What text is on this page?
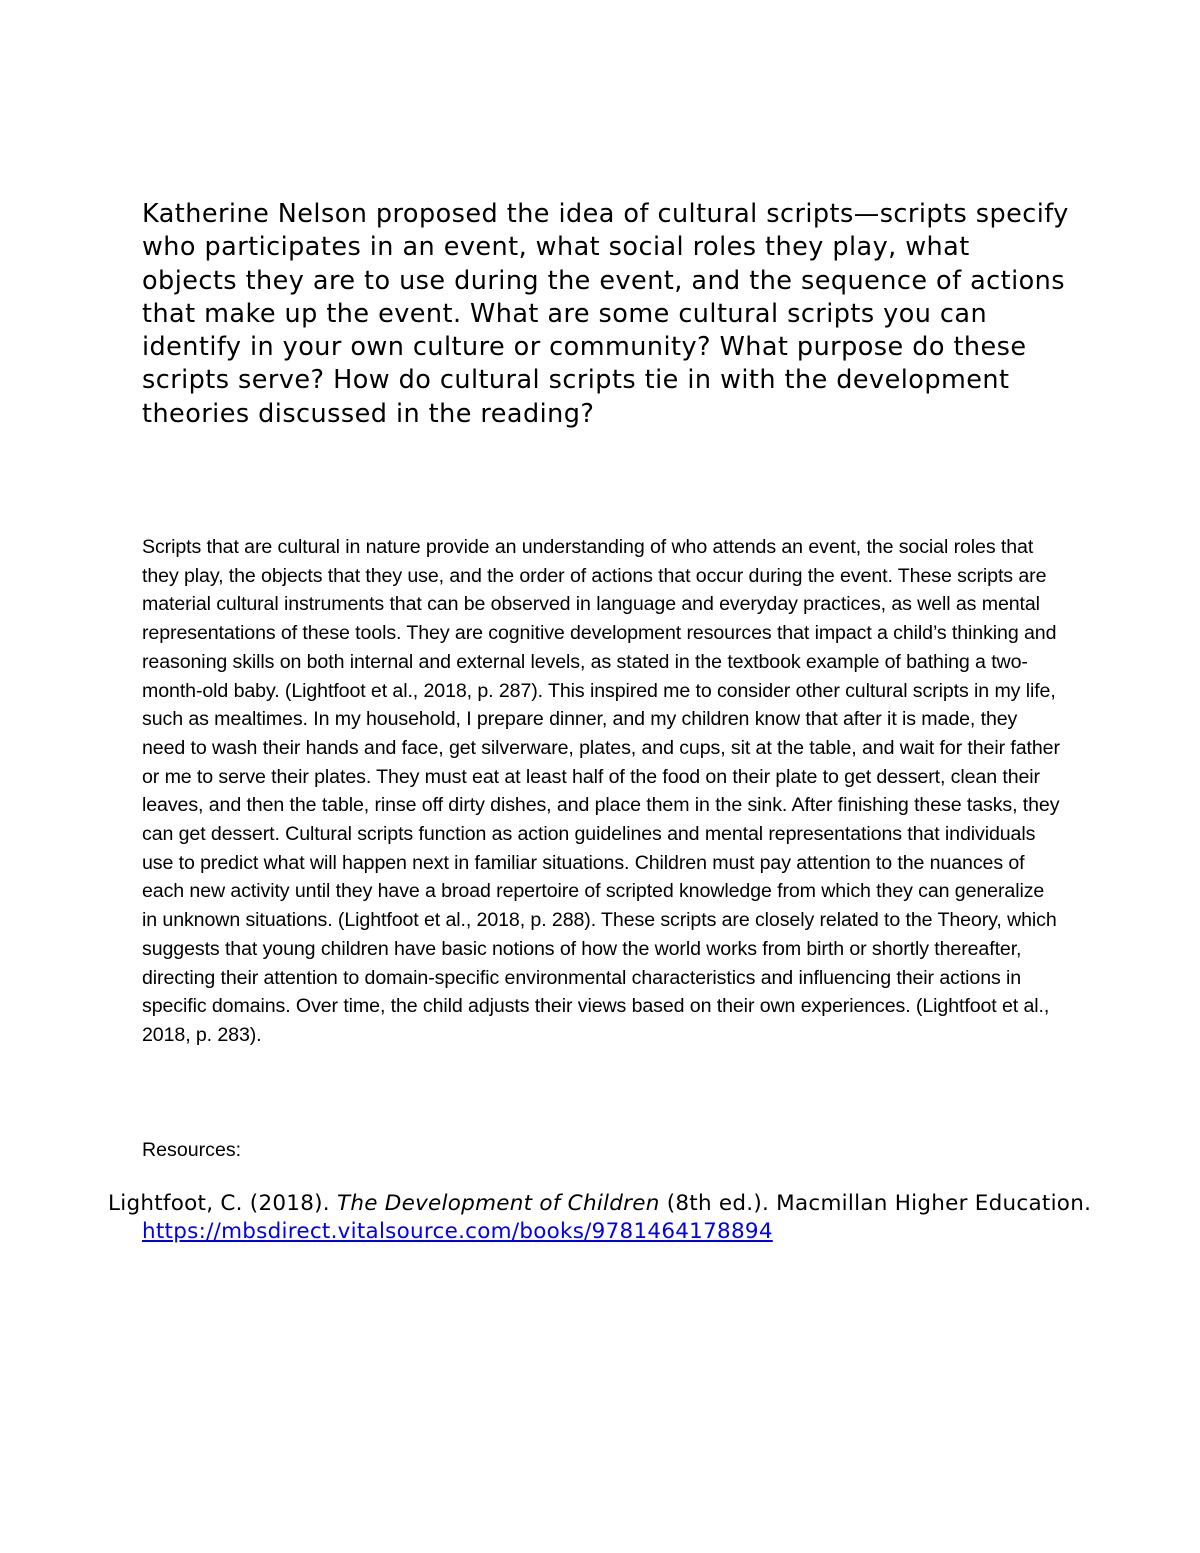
Katherine Nelson proposed the idea of cultural scripts—scripts specify who participates in an event, what social roles they play, what objects they are to use during the event, and the sequence of actions that make up the event. What are some cultural scripts you can identify in your own culture or community? What purpose do these scripts serve? How do cultural scripts tie in with the development theories discussed in the reading?

Scripts that are cultural in nature provide an understanding of who attends an event, the social roles that they play, the objects that they use, and the order of actions that occur during the event. These scripts are material cultural instruments that can be observed in language and everyday practices, as well as mental representations of these tools. They are cognitive development resources that impact a child’s thinking and reasoning skills on both internal and external levels, as stated in the textbook example of bathing a two-month-old baby. (Lightfoot et al., 2018, p. 287). This inspired me to consider other cultural scripts in my life, such as mealtimes. In my household, I prepare dinner, and my children know that after it is made, they need to wash their hands and face, get silverware, plates, and cups, sit at the table, and wait for their father or me to serve their plates. They must eat at least half of the food on their plate to get dessert, clean their leaves, and then the table, rinse off dirty dishes, and place them in the sink. After finishing these tasks, they can get dessert. Cultural scripts function as action guidelines and mental representations that individuals use to predict what will happen next in familiar situations. Children must pay attention to the nuances of each new activity until they have a broad repertoire of scripted knowledge from which they can generalize in unknown situations. (Lightfoot et al., 2018, p. 288). These scripts are closely related to the Theory, which suggests that young children have basic notions of how the world works from birth or shortly thereafter, directing their attention to domain-specific environmental characteristics and influencing their actions in specific domains. Over time, the child adjusts their views based on their own experiences. (Lightfoot et al., 2018, p. 283).

Resources:

Lightfoot, C. (2018). The Development of Children (8th ed.). Macmillan Higher Education. https://mbsdirect.vitalsource.com/books/9781464178894
